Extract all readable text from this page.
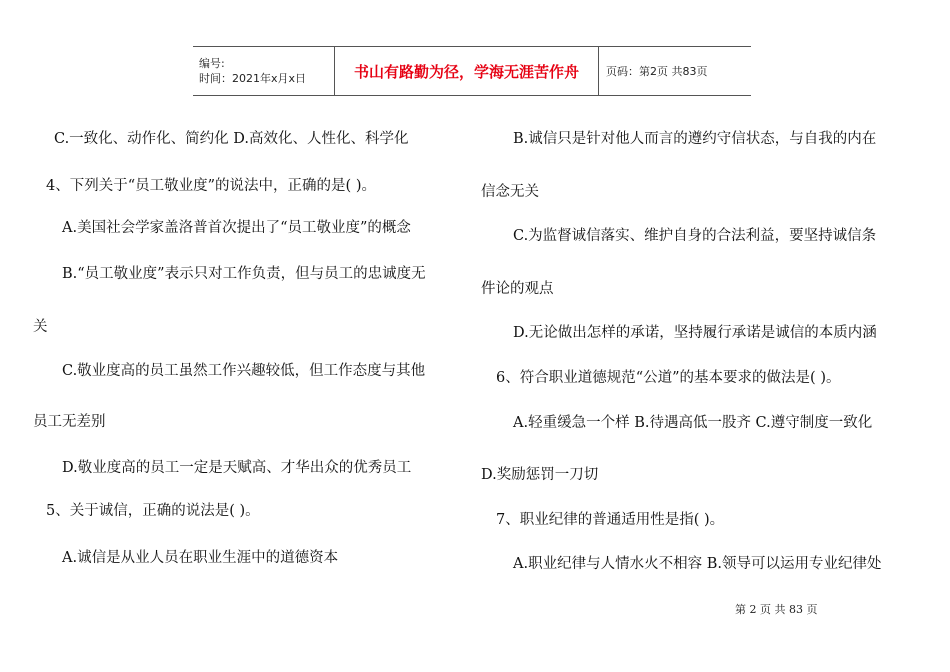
编号:
时间：2021年x月x日	书山有路勤为径，学海无涯苦作舟 页码：第2页 共83页
C.一致化、动作化、简约化 D.高效化、人性化、科学化
4、下列关于“员工敬业度”的说法中，正确的是( )。
A.美国社会学家盖洛普首次提出了“员工敬业度”的概念
B.“员工敬业度”表示只对工作负责，但与员工的忠诚度无
关
C.敬业度高的员工虽然工作兴趣较低，但工作态度与其他
员工无差别
D.敬业度高的员工一定是天赋高、才华出众的优秀员工
5、关于诚信，正确的说法是( )。
A.诚信是从业人员在职业生涯中的道德资本
B.诚信只是针对他人而言的遵约守信状态，与自我的内在
信念无关
C.为监督诚信落实、维护自身的合法利益，要坚持诚信条
件论的观点
D.无论做出怎样的承诺，坚持履行承诺是诚信的本质内涵
6、符合职业道德规范“公道”的基本要求的做法是( )。
A.轻重缓急一个样 B.待遇高低一股齐 C.遵守制度一致化
D.奖励惩罚一刀切
7、职业纪律的普通适用性是指( )。
A.职业纪律与人情水火不相容 B.领导可以运用专业纪律处
第 2 页 共 83 页
